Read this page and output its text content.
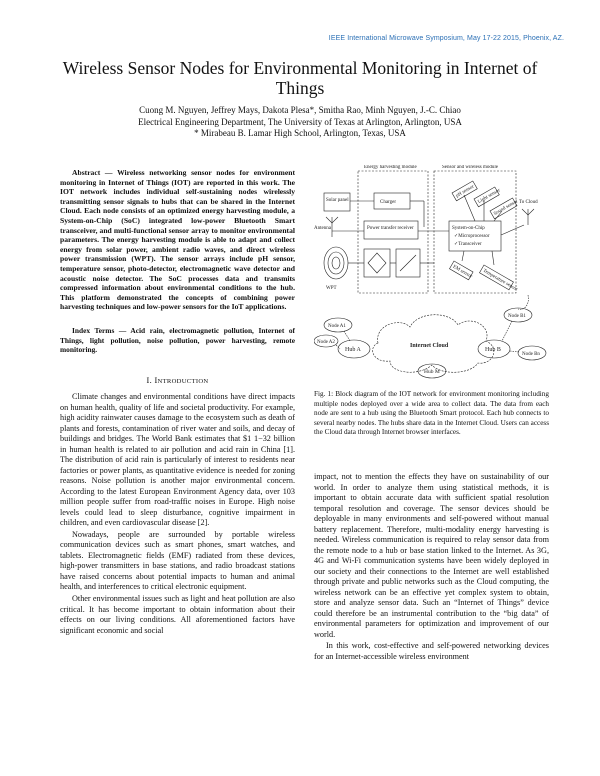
IEEE International Microwave Symposium, May 17-22 2015, Phoenix, AZ.
Wireless Sensor Nodes for Environmental Monitoring in Internet of Things
Cuong M. Nguyen, Jeffrey Mays, Dakota Plesa*, Smitha Rao, Minh Nguyen, J.-C. Chiao
Electrical Engineering Department, The University of Texas at Arlington, Arlington, USA
* Mirabeau B. Lamar High School, Arlington, Texas, USA

Abstract — Wireless networking sensor nodes for environment monitoring in Internet of Things (IOT) are reported in this work. The IOT network includes individual self-sustaining nodes wirelessly transmitting sensor signals to hubs that can be shared in the Internet Cloud. Each node consists of an optimized energy harvesting module, a System-on-Chip (SoC) integrated low-power Bluetooth Smart transceiver, and multi-functional sensor array to monitor environmental parameters. The energy harvesting module is able to adapt and collect energy from solar power, ambient radio waves, and direct wireless power transmission (WPT). The sensor arrays include pH sensor, temperature sensor, photo-detector, electromagnetic wave detector and acoustic noise detector. The SoC processes data and transmits compressed information about environmental conditions to the hub. This platform demonstrated the concepts of combining power harvesting techniques and low-power sensors for the IoT applications.

Index Terms — Acid rain, electromagnetic pollution, Internet of Things, light pollution, noise pollution, power harvesting, remote monitoring.

I. INTRODUCTION

Climate changes and environmental conditions have direct impacts on human health, quality of life and societal productivity. For example, high acidity rainwater causes damage to the ecosystem such as death of plants and forests, contamination of river water and soils, and decay of buildings and bridges. The World Bank estimates that $1 1−32 billion in human health is related to air pollution and acid rain in China [1]. The distribution of acid rain is particularly of interest to residents near factories or power plants, as quantitative evidence is needed for zoning reasons. Noise pollution is another major environmental concern. According to the latest European Environment Agency data, over 103 million people suffer from road-traffic noises in Europe. High noise levels could lead to sleep disturbance, cognitive impairment in children, and even cardiovascular disease [2].

Nowadays, people are surrounded by portable wireless communication devices such as smart phones, smart watches, and tablets. Electromagnetic fields (EMF) radiated from these devices, high-power transmitters in base stations, and radio broadcast stations have raised concerns about potential impacts to human and animal health, and interferences to critical electronic equipment.

Other environmental issues such as light and heat pollution are also critical. It has become important to obtain information about their effects on our living conditions. All aforementioned factors have significant economic and social

Energy harvesting module	Sensor and wireless module
Solar panel	Charger
Antenna	Power transfer receiver
WPT
System-on-Chip
✓Microprocessor
✓Transceiver
pH sensor Light sensor
Sound sensor
Temperature sensor
EM sensor
To Cloud
Internet Cloud
Hub A	Hub B
Hub M
Node A1
Node A2
Node B1
Node Bn

Fig. 1: Block diagram of the IOT network for environment monitoring including multiple nodes deployed over a wide area to collect data. The data from each node are sent to a hub using the Bluetooth Smart protocol. Each hub connects to several nearby nodes. The hubs share data in the Internet Cloud. Users can access the Cloud data through Internet browser interfaces.

impact, not to mention the effects they have on sustainability of our world. In order to analyze them using statistical methods, it is important to obtain accurate data with sufficient spatial resolution temporal resolution and coverage. The sensor devices should be deployable in many environments and self-powered without manual battery replacement. Therefore, multi-modality energy harvesting is needed. Wireless communication is required to relay sensor data from the remote node to a hub or base station linked to the Internet. As 3G, 4G and Wi-Fi communication systems have been widely deployed in our society and their connections to the Internet are well established through private and public networks such as the Cloud computing, the wireless network can be an effective yet complex system to obtain, store and analyze sensor data. Such an “Internet of Things” device could therefore be an instrumental contribution to the “big data” of environmental parameters for optimization and improvement of our world.

In this work, cost-effective and self-powered networking devices for an Internet-accessible wireless environment
